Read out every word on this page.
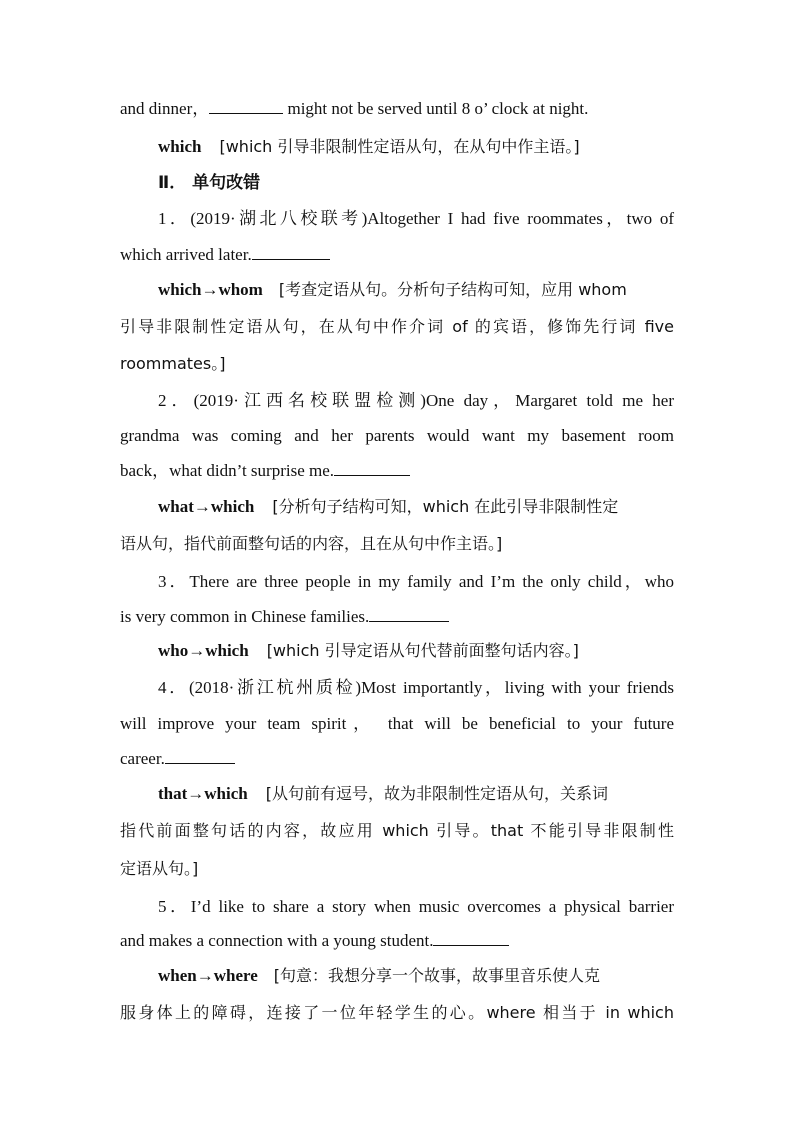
and dinner，	might not be served until 8 o’ clock at night.
which [which 引导非限制性定语从句，在从句中作主语。]
Ⅱ． 单句改错
1．(2019·湖北八校联考)Altogether I had five roommates，two of
which arrived later.
which→whom [考查定语从句。分析句子结构可知，应用 whom
引导非限制性定语从句，在从句中作介词 of 的宾语，修饰先行词 five
roommates。]
2．(2019·江西名校联盟检测)One day，Margaret told me her
grandma was coming and her parents would want my basement room
back，what didn’t surprise me.
what→which [分析句子结构可知，which 在此引导非限制性定
语从句，指代前面整句话的内容，且在从句中作主语。]
3．There are three people in my family and I’m the only child，who
is very common in Chinese families.
who→which [which 引导定语从句代替前面整句话内容。]
4．(2018·浙江杭州质检)Most importantly，living with your friends
will improve your team spirit， that will be beneficial to your future
career.
that→which [从句前有逗号，故为非限制性定语从句，关系词
指代前面整句话的内容，故应用 which 引导。that 不能引导非限制性
定语从句。]
5．I’d like to share a story when music overcomes a physical barrier
and makes a connection with a young student.
when→where [句意：我想分享一个故事，故事里音乐使人克
服身体上的障碍，连接了一位年轻学生的心。where 相当于 in which
